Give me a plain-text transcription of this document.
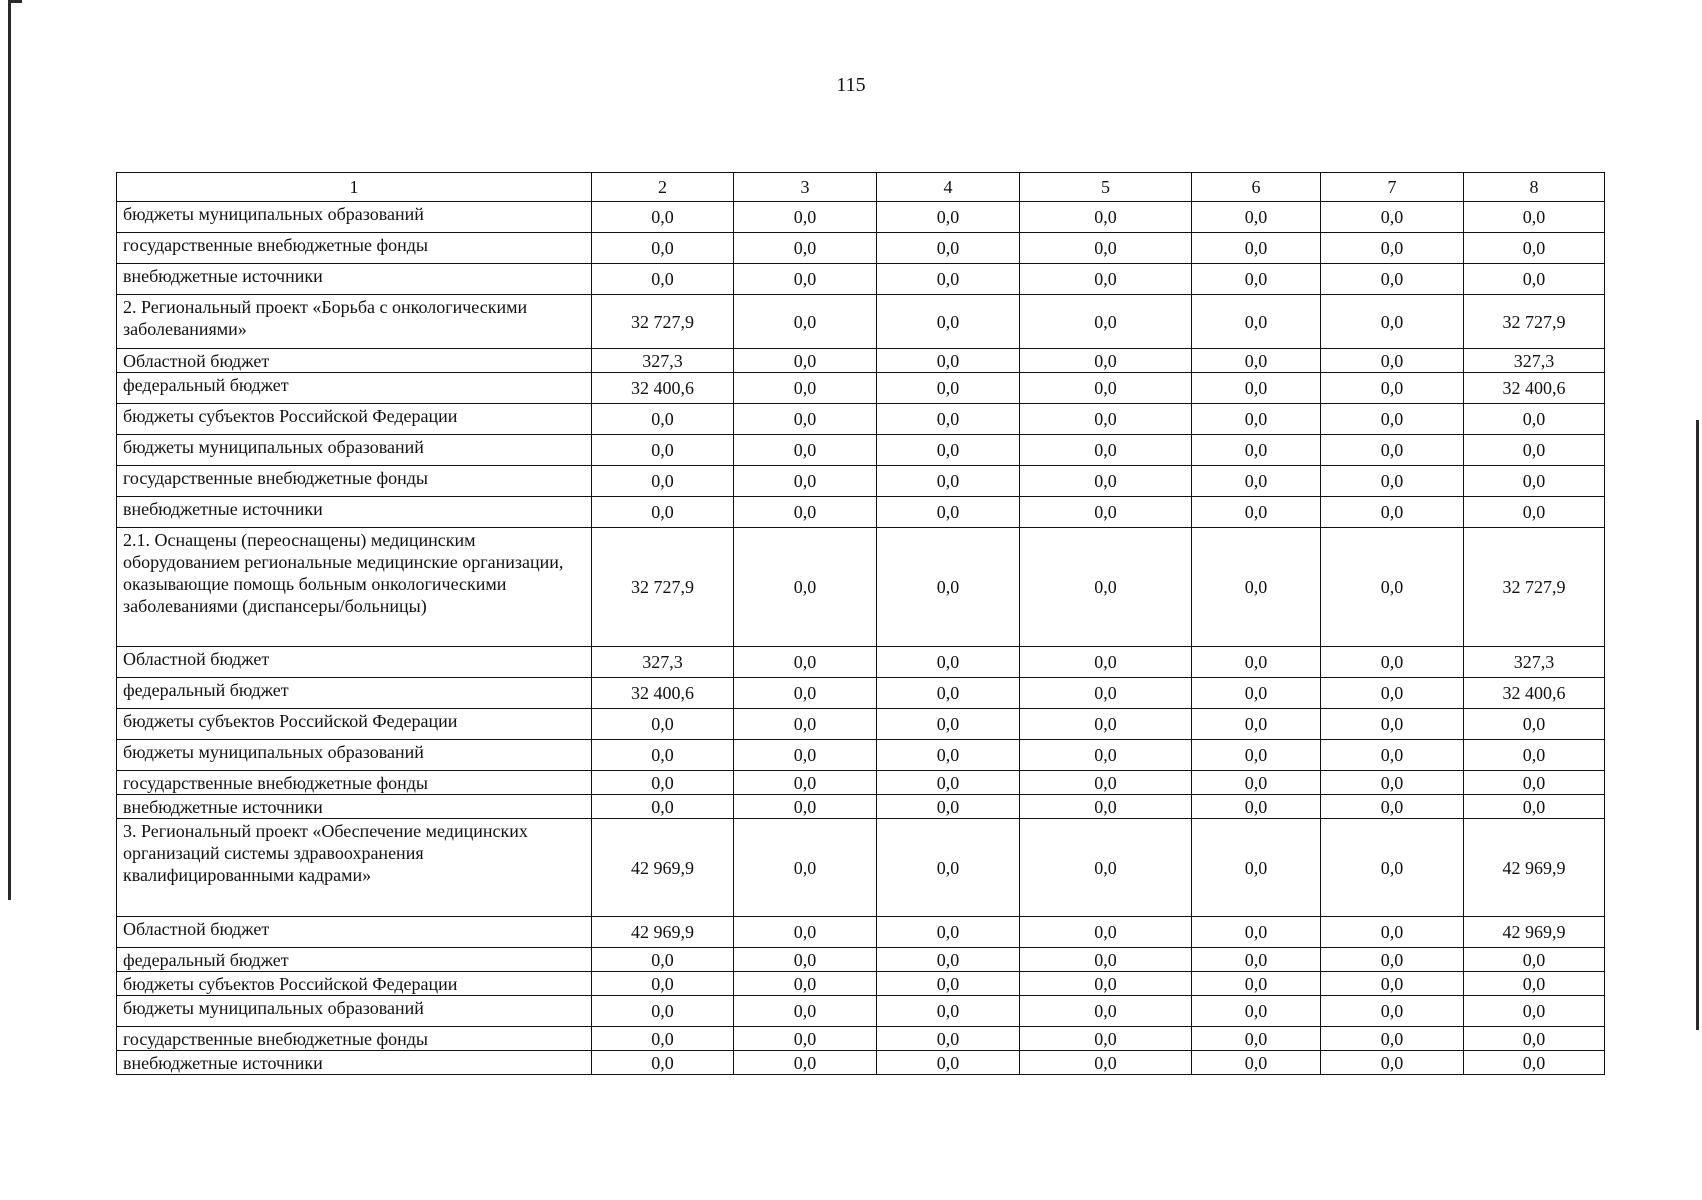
115
1	2	3	4	5	6	7	8
бюджеты муниципальных образований	0,0	0,0	0,0	0,0	0,0	0,0	0,0
государственные внебюджетные фонды	0,0	0,0	0,0	0,0	0,0	0,0	0,0
внебюджетные источники	0,0	0,0	0,0	0,0	0,0	0,0	0,0
2. Региональный проект «Борьба с онкологическими заболеваниями»	32 727,9	0,0	0,0	0,0	0,0	0,0	32 727,9
Областной бюджет	327,3	0,0	0,0	0,0	0,0	0,0	327,3
федеральный бюджет	32 400,6	0,0	0,0	0,0	0,0	0,0	32 400,6
бюджеты субъектов Российской Федерации	0,0	0,0	0,0	0,0	0,0	0,0	0,0
бюджеты муниципальных образований	0,0	0,0	0,0	0,0	0,0	0,0	0,0
государственные внебюджетные фонды	0,0	0,0	0,0	0,0	0,0	0,0	0,0
внебюджетные источники	0,0	0,0	0,0	0,0	0,0	0,0	0,0
2.1. Оснащены (переоснащены) медицинским оборудованием региональные медицинские организации, оказывающие помощь больным онкологическими заболеваниями (диспансеры/больницы)	32 727,9	0,0	0,0	0,0	0,0	0,0	32 727,9
Областной бюджет	327,3	0,0	0,0	0,0	0,0	0,0	327,3
федеральный бюджет	32 400,6	0,0	0,0	0,0	0,0	0,0	32 400,6
бюджеты субъектов Российской Федерации	0,0	0,0	0,0	0,0	0,0	0,0	0,0
бюджеты муниципальных образований	0,0	0,0	0,0	0,0	0,0	0,0	0,0
государственные внебюджетные фонды	0,0	0,0	0,0	0,0	0,0	0,0	0,0
внебюджетные источники	0,0	0,0	0,0	0,0	0,0	0,0	0,0
3. Региональный проект «Обеспечение медицинских организаций системы здравоохранения квалифицированными кадрами»	42 969,9	0,0	0,0	0,0	0,0	0,0	42 969,9
Областной бюджет	42 969,9	0,0	0,0	0,0	0,0	0,0	42 969,9
федеральный бюджет	0,0	0,0	0,0	0,0	0,0	0,0	0,0
бюджеты субъектов Российской Федерации	0,0	0,0	0,0	0,0	0,0	0,0	0,0
бюджеты муниципальных образований	0,0	0,0	0,0	0,0	0,0	0,0	0,0
государственные внебюджетные фонды	0,0	0,0	0,0	0,0	0,0	0,0	0,0
внебюджетные источники	0,0	0,0	0,0	0,0	0,0	0,0	0,0
